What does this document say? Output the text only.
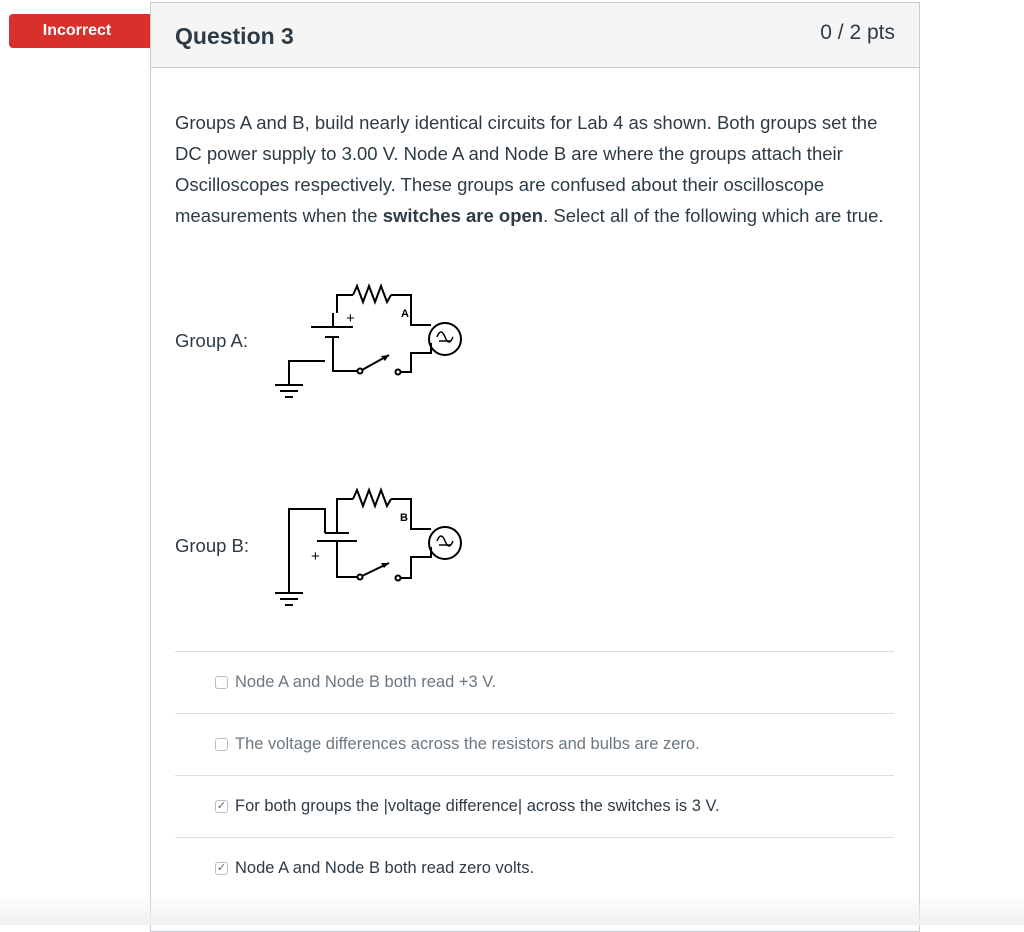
Incorrect	Question 3	0 / 2 pts
Groups A and B, build nearly identical circuits for Lab 4 as shown. Both groups set the DC power supply to 3.00 V. Node A and Node B are where the groups attach their Oscilloscopes respectively. These groups are confused about their oscilloscope measurements when the switches are open. Select all of the following which are true.
Group A:
+	A
Group B:
+
B
Node A and Node B both read +3 V.
The voltage differences across the resistors and bulbs are zero.
✓ For both groups the |voltage difference| across the switches is 3 V.
✓ Node A and Node B both read zero volts.
